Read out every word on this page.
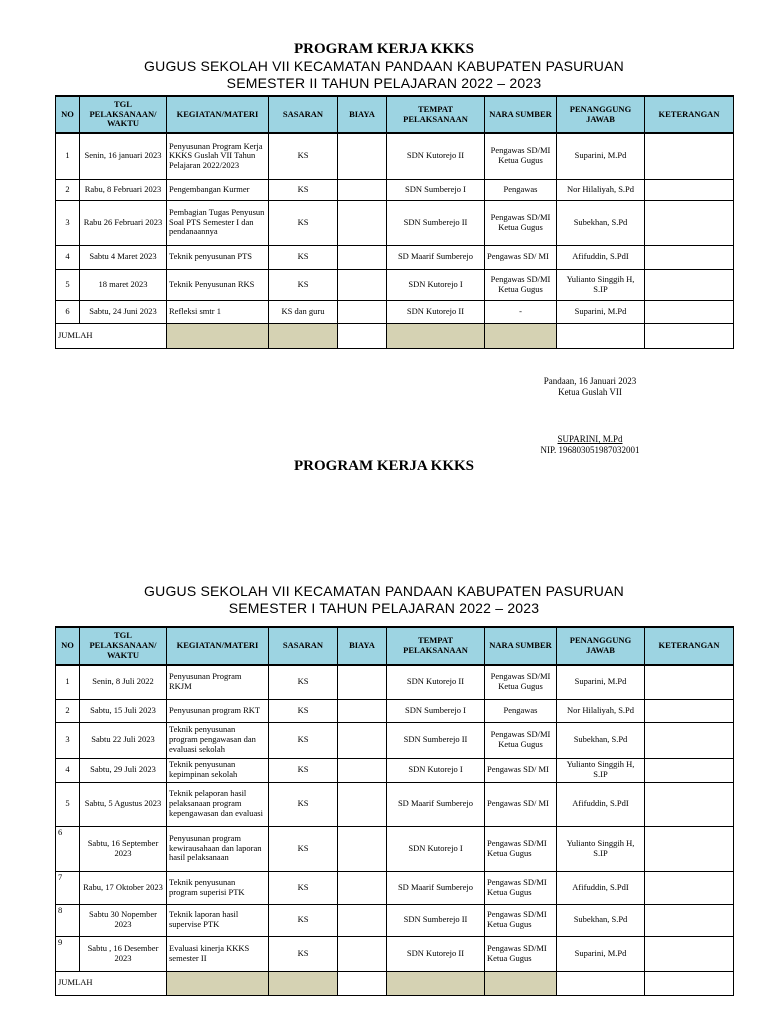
PROGRAM KERJA KKKS
GUGUS SEKOLAH VII KECAMATAN PANDAAN KABUPATEN PASURUAN
SEMESTER II TAHUN PELAJARAN 2022 – 2023
NO	TGL PELAKSANAAN/ WAKTU	KEGIATAN/MATERI	SASARAN	BIAYA	TEMPAT PELAKSANAAN	NARA SUMBER	PENANGGUNG JAWAB	KETERANGAN
1	Senin, 16 januari 2023	Penyusunan Program Kerja KKKS Guslah VII Tahun Pelajaran 2022/2023	KS		SDN Kutorejo II	Pengawas SD/MI Ketua Gugus	Suparini, M.Pd	
2	Rabu, 8 Februari 2023	Pengembangan Kurmer	KS		SDN Sumberejo I	Pengawas	Nor Hilaliyah, S.Pd	
3	Rabu 26 Februari 2023	Pembagian Tugas Penyusun Soal PTS Semester I dan pendanaannya	KS		SDN Sumberejo II	Pengawas SD/MI Ketua Gugus	Subekhan, S.Pd	
4	Sabtu 4 Maret 2023	Teknik penyusunan PTS	KS		SD Maarif Sumberejo	Pengawas SD/ MI	Afifuddin, S.PdI	
5	18 maret 2023	Teknik Penyusunan RKS	KS		SDN Kutorejo I	Pengawas SD/MI Ketua Gugus	Yulianto Singgih H, S.IP	
6	Sabtu, 24 Juni 2023	Refleksi smtr 1	KS dan guru		SDN Kutorejo II	-	Suparini, M.Pd	
JUMLAH								
Pandaan, 16 Januari 2023
Ketua Guslah VII
SUPARINI, M.Pd
NIP. 196803051987032001
PROGRAM KERJA KKKS
GUGUS SEKOLAH VII KECAMATAN PANDAAN KABUPATEN PASURUAN
SEMESTER I TAHUN PELAJARAN 2022 – 2023
NO	TGL PELAKSANAAN/ WAKTU	KEGIATAN/MATERI	SASARAN	BIAYA	TEMPAT PELAKSANAAN	NARA SUMBER	PENANGGUNG JAWAB	KETERANGAN
1	Senin, 8 Juli 2022	Penyusunan Program RKJM	KS		SDN Kutorejo II	Pengawas SD/MI Ketua Gugus	Suparini, M.Pd	
2	Sabtu, 15 Juli 2023	Penyusunan program RKT	KS		SDN Sumberejo I	Pengawas	Nor Hilaliyah, S.Pd	
3	Sabtu 22 Juli 2023	Teknik penyusunan program pengawasan dan evaluasi sekolah	KS		SDN Sumberejo II	Pengawas SD/MI Ketua Gugus	Subekhan, S.Pd	
4	Sabtu, 29 Juli 2023	Teknik penyusunan kepimpinan sekolah	KS		SDN Kutorejo I	Pengawas SD/ MI	Yulianto Singgih H, S.IP	
5	Sabtu, 5 Agustus 2023	Teknik pelaporan hasil pelaksanaan program kepengawasan dan evaluasi	KS		SD Maarif Sumberejo	Pengawas SD/ MI	Afifuddin, S.PdI	
6	Sabtu, 16 September 2023	Penyusunan program kewirausahaan dan laporan hasil pelaksanaan	KS		SDN Kutorejo I	Pengawas SD/MI Ketua Gugus	Yulianto Singgih H, S.IP	
7	Rabu, 17 Oktober 2023	Teknik penyusunan program superisi PTK	KS		SD Maarif Sumberejo	Pengawas SD/MI Ketua Gugus	Afifuddin, S.PdI	
8	Sabtu 30 Nopember 2023	Teknik laporan hasil supervise PTK	KS		SDN Sumberejo II	Pengawas SD/MI Ketua Gugus	Subekhan, S.Pd	
9	Sabtu , 16 Desember 2023	Evaluasi kinerja KKKS semester II	KS		SDN Kutorejo II	Pengawas SD/MI Ketua Gugus	Suparini, M.Pd	
JUMLAH								
